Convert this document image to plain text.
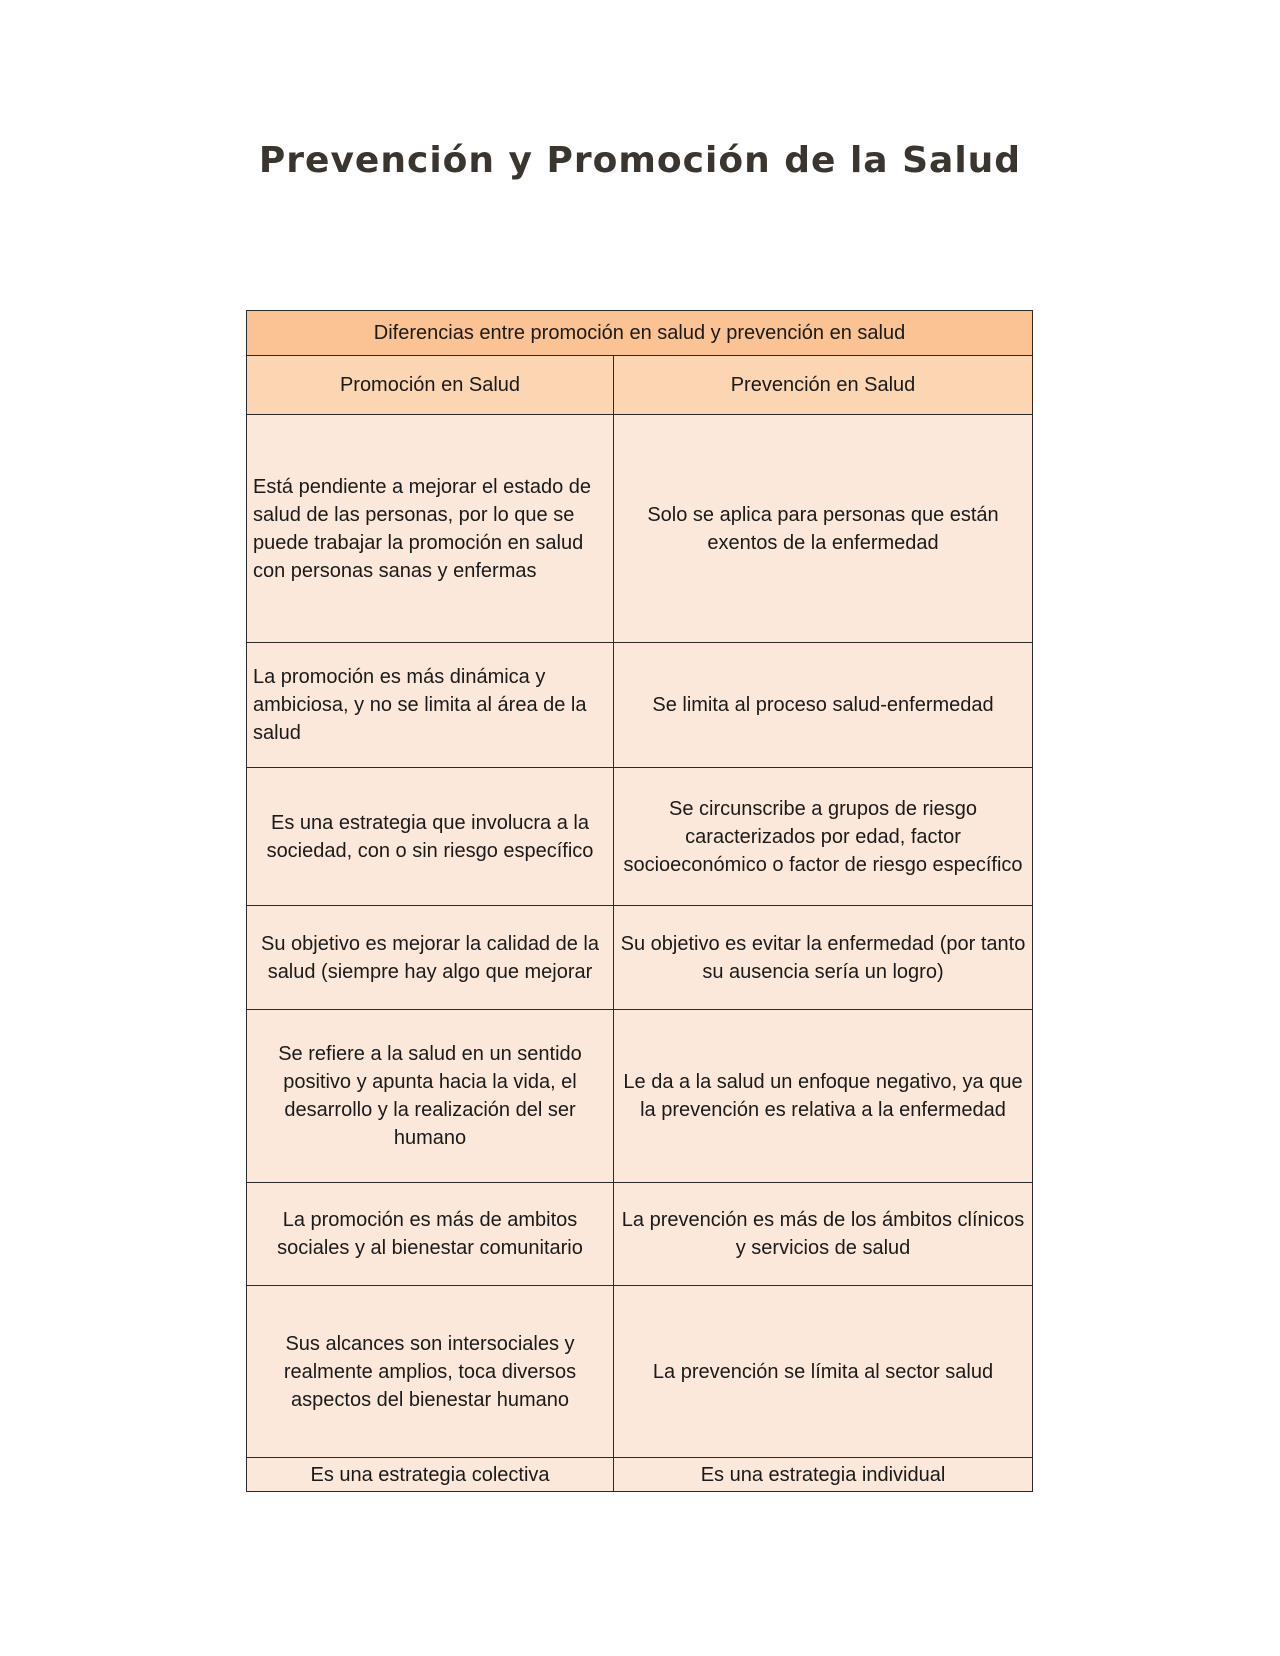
Prevención y Promoción de la Salud
Diferencias entre promoción en salud y prevención en salud	
Promoción en Salud	Prevención en Salud
Está pendiente a mejorar el estado de salud de las personas, por lo que se puede trabajar la promoción en salud con personas sanas y enfermas	Solo se aplica para personas que están exentos de la enfermedad
La promoción es más dinámica y ambiciosa, y no se limita al área de la salud	Se limita al proceso salud-enfermedad
Es una estrategia que involucra a la sociedad, con o sin riesgo específico	Se circunscribe a grupos de riesgo caracterizados por edad, factor socioeconómico o factor de riesgo específico
Su objetivo es mejorar la calidad de la salud (siempre hay algo que mejorar	Su objetivo es evitar la enfermedad (por tanto su ausencia sería un logro)
Se refiere a la salud en un sentido positivo y apunta hacia la vida, el desarrollo y la realización del ser humano	Le da a la salud un enfoque negativo, ya que la prevención es relativa a la enfermedad
La promoción es más de ambitos sociales y al bienestar comunitario	La prevención es más de los ámbitos clínicos y servicios de salud
Sus alcances son intersociales y realmente amplios, toca diversos aspectos del bienestar humano	La prevención se límita al sector salud
Es una estrategia colectiva	Es una estrategia individual
